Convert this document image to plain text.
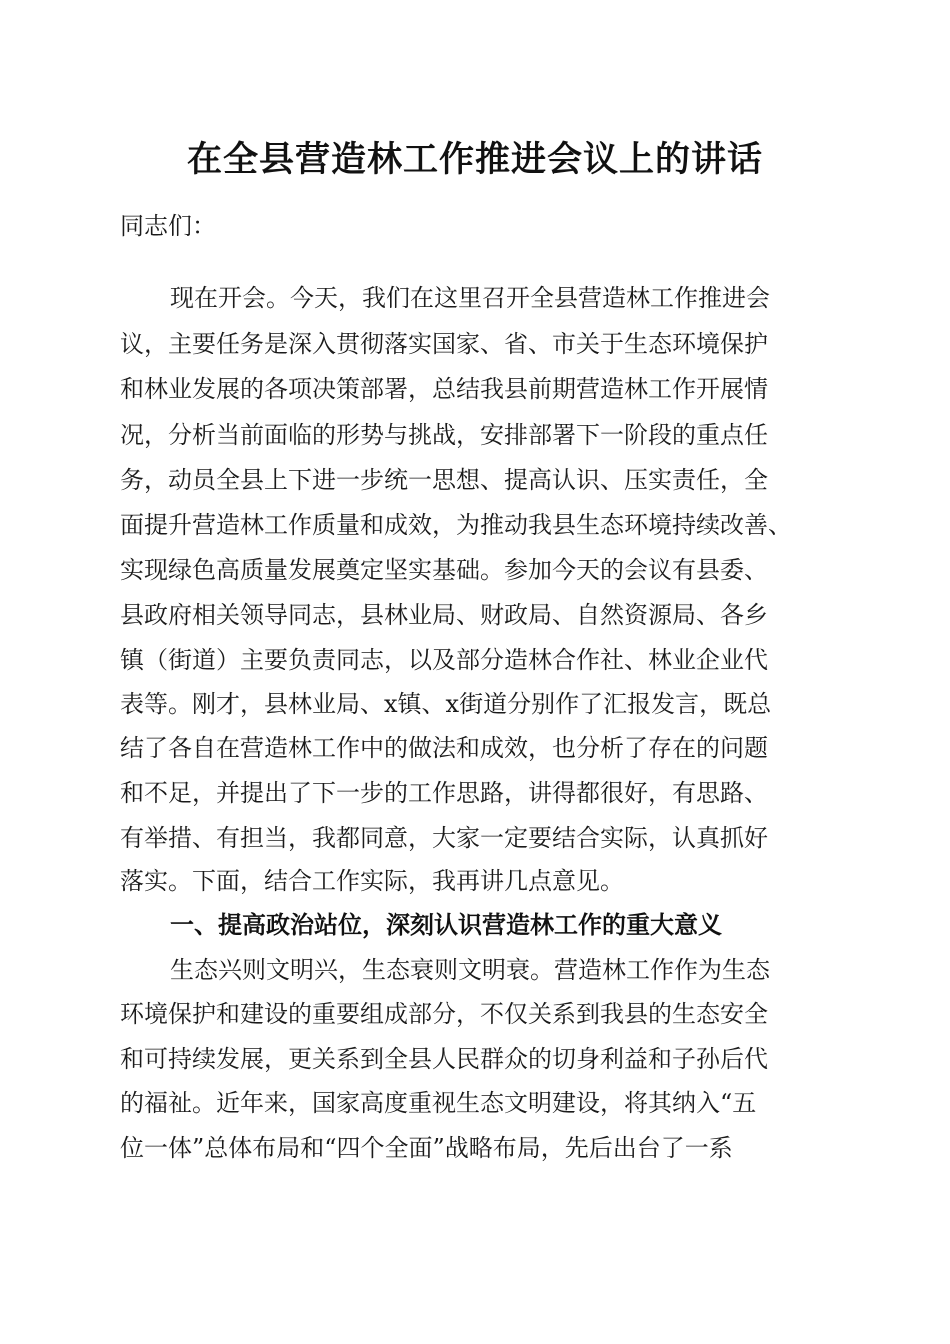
在全县营造林工作推进会议上的讲话

同志们：

现在开会。今天，我们在这里召开全县营造林工作推进会

议，主要任务是深入贯彻落实国家、省、市关于生态环境保护

和林业发展的各项决策部署，总结我县前期营造林工作开展情

况，分析当前面临的形势与挑战，安排部署下一阶段的重点任

务，动员全县上下进一步统一思想、提高认识、压实责任，全

面提升营造林工作质量和成效，为推动我县生态环境持续改善、

实现绿色高质量发展奠定坚实基础。参加今天的会议有县委、

县政府相关领导同志，县林业局、财政局、自然资源局、各乡

镇（街道）主要负责同志，以及部分造林合作社、林业企业代

表等。刚才，县林业局、x镇、x街道分别作了汇报发言，既总

结了各自在营造林工作中的做法和成效，也分析了存在的问题

和不足，并提出了下一步的工作思路，讲得都很好，有思路、

有举措、有担当，我都同意，大家一定要结合实际，认真抓好

落实。下面，结合工作实际，我再讲几点意见。

一、提高政治站位，深刻认识营造林工作的重大意义

生态兴则文明兴，生态衰则文明衰。营造林工作作为生态

环境保护和建设的重要组成部分，不仅关系到我县的生态安全

和可持续发展，更关系到全县人民群众的切身利益和子孙后代

的福祉。近年来，国家高度重视生态文明建设，将其纳入“五

位一体”总体布局和“四个全面”战略布局，先后出台了一系
